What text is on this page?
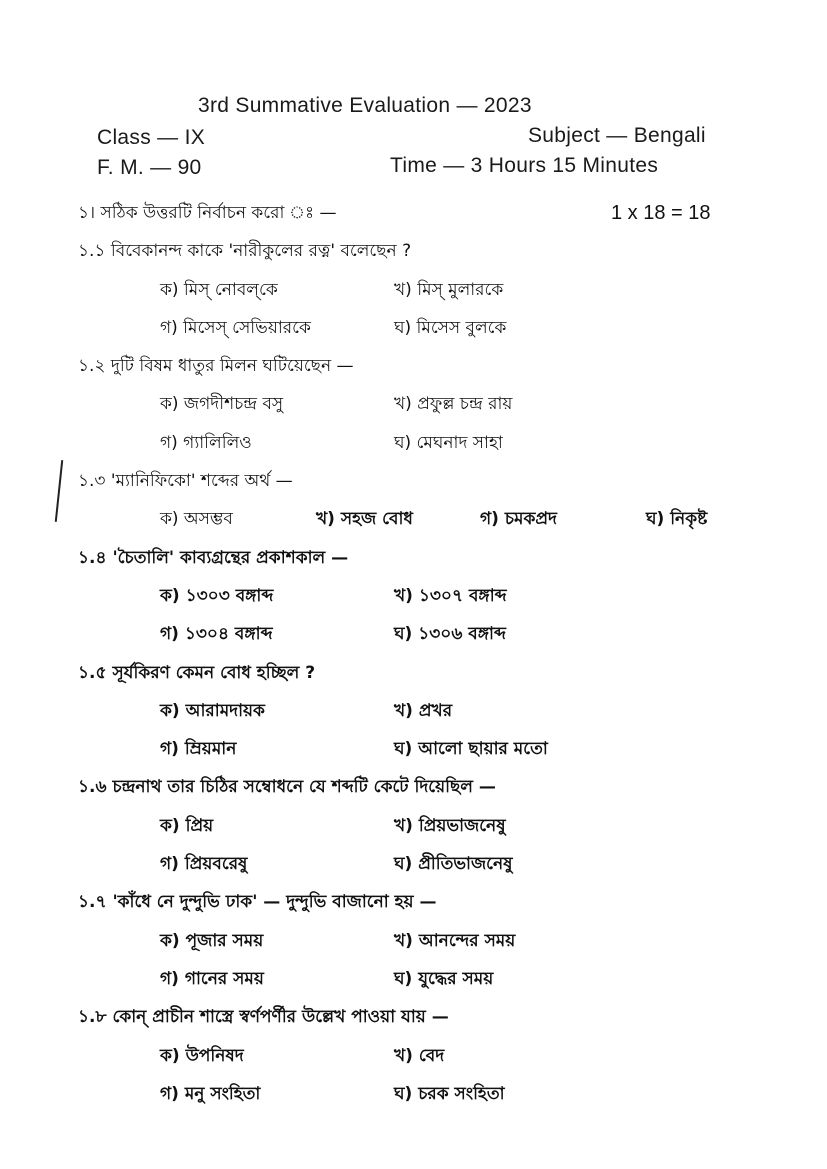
3rd Summative Evaluation — 2023
Class — IX	Subject — Bengali
F. M. — 90	Time — 3 Hours 15 Minutes
১। সঠিক উত্তরটি নির্বাচন করো ঃ —	1 x 18 = 18
১.১ বিবেকানন্দ কাকে 'নারীকুলের রত্ন' বলেছেন ?
ক) মিস্ নোবল্‌কে	খ) মিস্ মুলারকে
গ) মিসেস্ সেভিয়ারকে	ঘ) মিসেস বুলকে
১.২ দুটি বিষম ধাতুর মিলন ঘটিয়েছেন —
ক) জগদীশচন্দ্র বসু	খ) প্রফুল্ল চন্দ্র রায়
গ) গ্যালিলিও	ঘ) মেঘনাদ সাহা
১.৩ 'ম্যানিফিকো' শব্দের অর্থ —
ক) অসম্ভব	খ) সহজ বোধ	গ) চমকপ্রদ	ঘ) নিকৃষ্ট
১.৪ 'চৈতালি' কাব্যগ্রন্থের প্রকাশকাল —
ক) ১৩০৩ বঙ্গাব্দ	খ) ১৩০৭ বঙ্গাব্দ
গ) ১৩০৪ বঙ্গাব্দ	ঘ) ১৩০৬ বঙ্গাব্দ
১.৫ সূর্যকিরণ কেমন বোধ হচ্ছিল ?
ক) আরামদায়ক	খ) প্রখর
গ) ম্রিয়মান	ঘ) আলো ছায়ার মতো
১.৬ চন্দ্রনাথ তার চিঠির সম্বোধনে যে শব্দটি কেটে দিয়েছিল —
ক) প্রিয়	খ) প্রিয়ভাজনেষু
গ) প্রিয়বরেষু	ঘ) প্রীতিভাজনেষু
১.৭ 'কাঁধে নে দুন্দুভি ঢাক' — দুন্দুভি বাজানো হয় —
ক) পূজার সময়	খ) আনন্দের সময়
গ) গানের সময়	ঘ) যুদ্ধের সময়
১.৮ কোন্ প্রাচীন শাস্ত্রে স্বর্ণপর্ণীর উল্লেখ পাওয়া যায় —
ক) উপনিষদ	খ) বেদ
গ) মনু সংহিতা	ঘ) চরক সংহিতা
